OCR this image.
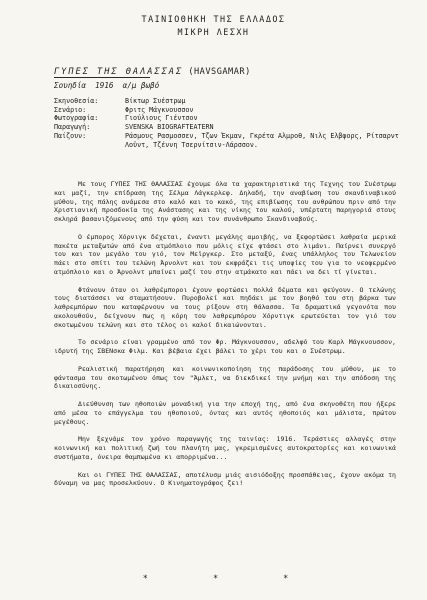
ΤΑΙΝΙΟΘΗΚΗ ΤΗΣ ΕΛΛΑΔΟΣ
ΜΙΚΡΗ ΛΕΣΧΗ
ΓΥΠΕΣ ΤΗΣ ΘΑΛΑΣΣΑΣ (HAVSGAMAR)
Σουηδία 1916 α/μ βωβό
Σκηνοθεσία:	Βίκτωρ Συέστρωμ
Σενάριο:	Φριτς Μάγκνουσσον
Φωτογραφία:	Γιούλιους Γιέντσον
Παραγωγή:	SVENSKA BIOGRAFTEATERN
Παίζουν:	Ράσμους Ρασμοσσεν, Τζων Έκμαν, Γκρέτα Αλμροθ, Νιλς Ελβφορς, Ρίτσαρντ Λοϋντ, Τζέννη Τσερνίτσιν-Λάρσσον.

Με τους ΓΥΠΕΣ ΤΗΣ ΘΑΛΑΣΣΑΣ έχουμε όλα τα χαρακτηριστικά της Τεχνης του Συέστρωμ και μαζί, την επίδραση της Σέλμα Λάγκερλεφ. Δηλαδή, την αναβίωση του σκανδιναβικού μύθου, της πάλης ανάμεσα στο καλό και το κακό, της επιβίωσης του ανθρώπου πριν από την Χριστιανική προσδοκία της Ανάστασης και της νίκης του καλού, υπέρτατη παρηγοριά στους σκληρά βασανιζόμενους από την φύση και τον συνάνθρωπο Σκανδιναβούς.

Ο έμπορος Χόρνιγκ δέχεται, έναντι μεγάλης αμοιβής, να ξεφορτώσει λαθραία μερικά πακέτα μεταξωτών από ένα ατμόπλοιο που μόλις είχε φτάσει στο λιμάνι. Παίρνει συνεργό του και τον μεγάλο του γιό, τον Μεϊργκερ. Στο μεταξύ, ένας υπάλληλος του Τελωνείου πάει στο σπίτι του τελώνη Άρνολντ και του εκφράζει τις υποψίες του για το νεοφερμένο ατμόπλοιο και ο Άρνολντ μπαίνει μαζί του στην ατμάκατο και πάει να δει τί γίνεται.

Φτάνουν όταν οι λαθρέμποροι έχουν φορτώσει πολλά δέματα και φεύγουν. Ο τελώνης τους διατάσσει να σταματήσουν. Πυροβολεί και πηδάει με τον βοηθό του στη βάρκα των λαθρεμπόρων που καταφέρνουν να τους ρίξουν στη θάλασσα. Τα δραματικά γεγονότα που ακολουθούν, δείχνουν πως η κόρη του λαθρεμπόρου Χόρντιγκ ερωτεύεται τον γιό του σκοτωμένου τελώνη και στο τέλος οι καλοί δικαιώνονται.

Το σενάριο είναι γραμμένο από τον Φρ. Μάγκνουσσον, αδελφό του Καρλ Μάγκνουσσον, ιδρυτή της ΣΒΕΝσκα Φιλμ. Και βέβαια έχει βάλει το χέρι του και ο Συέστρωμ.

Ρεαλιστική παρατήρηση και κοινωνικοποίηση της παράδοσης του μύθου, με το φάντασμα του σκοτωμένου όπως τον "Άμλετ, να διεκδικεί την μνήμη και την απόδοση της δικαιοσύνης.

Διεύθυνση των ηθοποιών μοναδική για την εποχή της, από ένα σκηνοθέτη που ήξερε από μέσα το επάγγελμα του ηθοποιού, όντας και αυτός ηθοποιός και μάλιστα, πρώτου μεγέθους.

Μην ξεχνάμε τον χρόνο παραγωγής της ταινίας: 1916. Τεράστιες αλλαγές στην κοινωνική και πολιτική ζωή του πλανήτη μας, γκρεμισμένες αυτοκρατορίες και κοινωνικά συστήματα, όνειρα θαμπωμένα κι απορριμένα...

Και οι ΓΥΠΕΣ ΤΗΣ ΘΑΛΑΣΣΑΣ, αποτέλυσμ μιάς αισιόδοξης προσπάθειας, έχουν ακόμα τη δύναμη να μας προσελκύουν. Ο Κινηματογράφος ζει!

* * *
